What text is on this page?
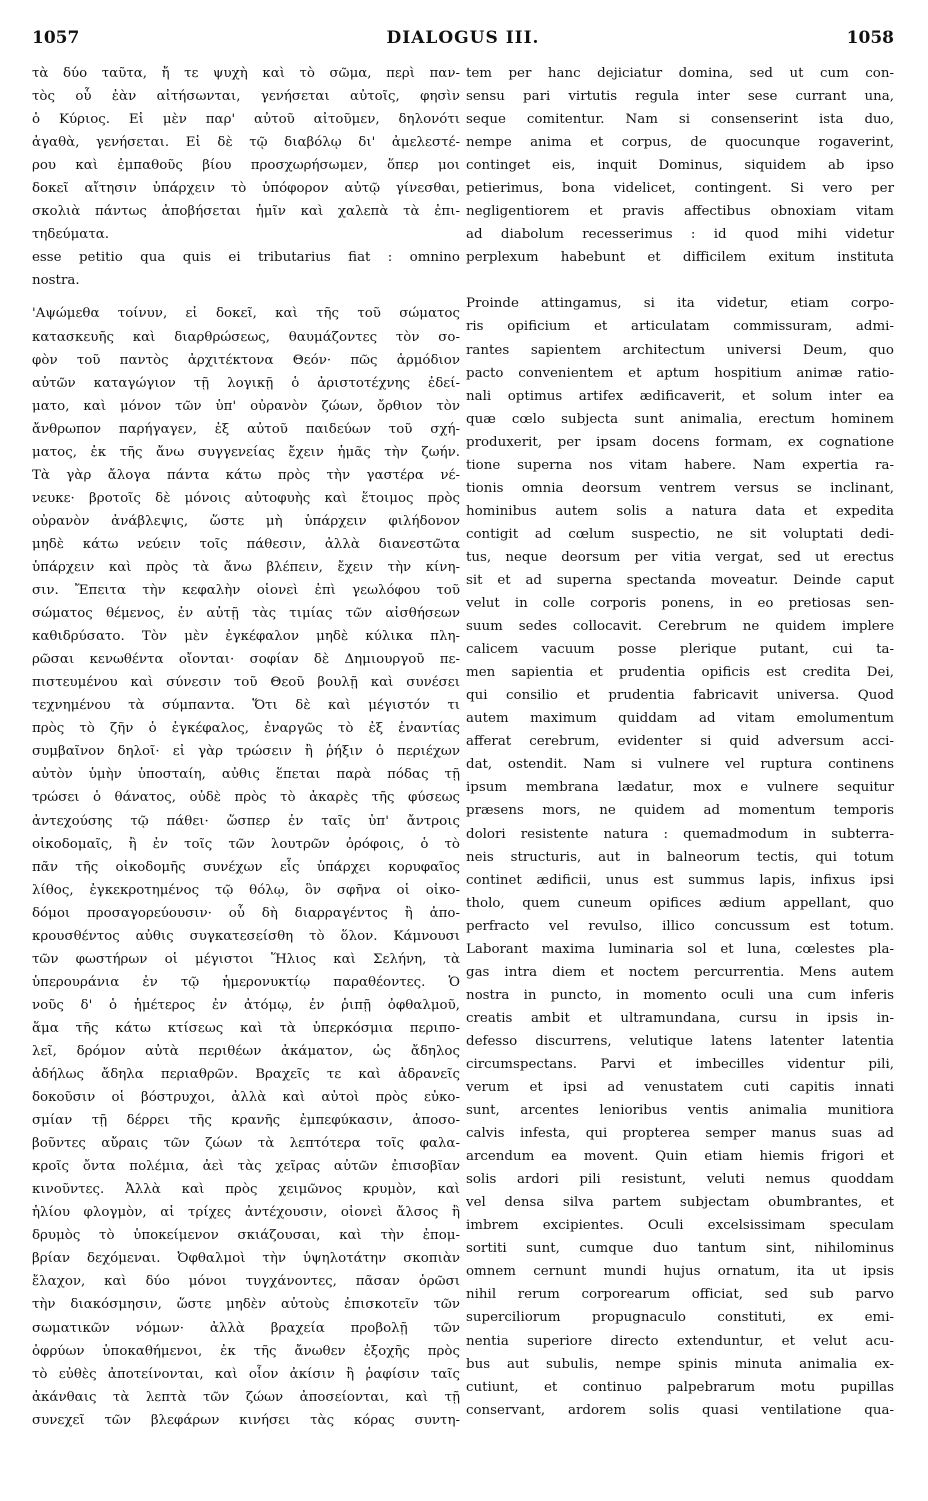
1057	DIALOGUS III.	1058

τὰ δύο ταῦτα, ἤ τε ψυχὴ καὶ τὸ σῶμα, περὶ παν-

τὸς οὗ ἐὰν αἰτήσωνται, γενήσεται αὐτοῖς, φησὶν

ὁ Κύριος. Εἰ μὲν παρ' αὐτοῦ αἰτοῦμεν, δηλονότι

ἀγαθὰ, γενήσεται. Εἰ δὲ τῷ διαβόλῳ δι' ἀμελεστέ-

ρου καὶ ἐμπαθοῦς βίου προσχωρήσωμεν, ὅπερ μοι

δοκεῖ αἴτησιν ὑπάρχειν τὸ ὑπόφορον αὐτῷ γίνεσθαι,

σκολιὰ πάντως ἀποβήσεται ἡμῖν καὶ χαλεπὰ τὰ ἐπι-

τηδεύματα.

esse petitio qua quis ei tributarius fiat : omnino

nostra.

'Αψώμεθα τοίνυν, εἰ δοκεῖ, καὶ τῆς τοῦ σώματος

κατασκευῆς καὶ διαρθρώσεως, θαυμάζοντες τὸν σο-

φὸν τοῦ παντὸς ἀρχιτέκτονα Θεόν· πῶς ἁρμόδιον

αὐτῶν καταγώγιον τῇ λογικῇ ὁ ἀριστοτέχνης ἐδεί-

ματο, καὶ μόνον τῶν ὑπ' οὐρανὸν ζώων, ὄρθιον τὸν

ἄνθρωπον παρήγαγεν, ἐξ αὐτοῦ παιδεύων τοῦ σχή-

ματος, ἐκ τῆς ἄνω συγγενείας ἔχειν ἡμᾶς τὴν ζωήν.

Τὰ γὰρ ἄλογα πάντα κάτω πρὸς τὴν γαστέρα νέ-

νευκε· βροτοῖς δὲ μόνοις αὐτοφυὴς καὶ ἕτοιμος πρὸς

οὐρανὸν ἀνάβλεψις, ὥστε μὴ ὑπάρχειν φιλήδονον

μηδὲ κάτω νεύειν τοῖς πάθεσιν, ἀλλὰ διανεστῶτα

ὑπάρχειν καὶ πρὸς τὰ ἄνω βλέπειν, ἔχειν τὴν κίνη-

σιν. Ἔπειτα τὴν κεφαλὴν οἱονεὶ ἐπὶ γεωλόφου τοῦ

σώματος θέμενος, ἐν αὐτῇ τὰς τιμίας τῶν αἰσθήσεων

καθιδρύσατο. Τὸν μὲν ἐγκέφαλον μηδὲ κύλικα πλη-

ρῶσαι κενωθέντα οἴονται· σοφίαν δὲ Δημιουργοῦ πε-

πιστευμένου καὶ σύνεσιν τοῦ Θεοῦ βουλῇ καὶ συνέσει

τεχνημένου τὰ σύμπαντα. Ὅτι δὲ καὶ μέγιστόν τι

πρὸς τὸ ζῆν ὁ ἐγκέφαλος, ἐναργῶς τὸ ἐξ ἐναντίας

συμβαῖνον δηλοῖ· εἰ γὰρ τρώσειν ἢ ῥήξιν ὁ περιέχων

αὐτὸν ὑμὴν ὑποσταίη, αὐθις ἕπεται παρὰ πόδας τῇ

τρώσει ὁ θάνατος, οὐδὲ πρὸς τὸ ἀκαρὲς τῆς φύσεως

ἀντεχούσης τῷ πάθει· ὥσπερ ἐν ταῖς ὑπ' ἄντροις

οἰκοδομαῖς, ἢ ἐν τοῖς τῶν λουτρῶν ὀρόφοις, ὁ τὸ

πᾶν τῆς οἰκοδομῆς συνέχων εἷς ὑπάρχει κορυφαῖος

λίθος, ἐγκεκροτημένος τῷ θόλῳ, ὃν σφῆνα οἱ οἰκο-

δόμοι προσαγορεύουσιν· οὗ δὴ διαρραγέντος ἢ ἀπο-

κρουσθέντος αὐθις συγκατεσείσθη τὸ ὅλον. Κάμνουσι

τῶν φωστήρων οἱ μέγιστοι Ἥλιος καὶ Σελήνη, τὰ

ὑπερουράνια ἐν τῷ ἡμερονυκτίῳ παραθέοντες. Ὁ

νοῦς δ' ὁ ἡμέτερος ἐν ἀτόμῳ, ἐν ῥιπῇ ὀφθαλμοῦ,

ἅμα τῆς κάτω κτίσεως καὶ τὰ ὑπερκόσμια περιπο-

λεῖ, δρόμον αὐτὰ περιθέων ἀκάματον, ὡς ἄδηλος

ἀδήλως ἄδηλα περιαθρῶν. Βραχεῖς τε καὶ ἀδρανεῖς

δοκοῦσιν οἱ βόστρυχοι, ἀλλὰ καὶ αὐτοὶ πρὸς εὐκο-

σμίαν τῇ δέρρει τῆς κρανῆς ἐμπεφύκασιν, ἀποσο-

βοῦντες αὔραις τῶν ζώων τὰ λεπτότερα τοῖς φαλα-

κροῖς ὄντα πολέμια, ἀεὶ τὰς χεῖρας αὐτῶν ἐπισοβῖαν

κινοῦντες. Ἀλλὰ καὶ πρὸς χειμῶνος κρυμὸν, καὶ

ἡλίου φλογμὸν, αἱ τρίχες ἀντέχουσιν, οἱονεὶ ἄλσος ἢ

δρυμὸς τὸ ὑποκείμενον σκιάζουσαι, καὶ τὴν ἐπομ-

βρίαν δεχόμεναι. Ὀφθαλμοὶ τὴν ὑψηλοτάτην σκοπιὰν

ἔλαχον, καὶ δύο μόνοι τυγχάνοντες, πᾶσαν ὁρῶσι

τὴν διακόσμησιν, ὥστε μηδὲν αὐτοὺς ἐπισκοτεῖν τῶν

σωματικῶν νόμων· ἀλλὰ βραχεία προβολῇ τῶν

ὀφρύων ὑποκαθήμενοι, ἐκ τῆς ἄνωθεν ἐξοχῆς πρὸς

τὸ εὐθὲς ἀποτείνονται, καὶ οἷον ἀκίσιν ἢ ῥαφίσιν ταῖς

ἀκάνθαις τὰ λεπτὰ τῶν ζώων ἀποσείονται, καὶ τῇ

συνεχεῖ τῶν βλεφάρων κινήσει τὰς κόρας συντη-

tem per hanc dejiciatur domina, sed ut cum con-

sensu pari virtutis regula inter sese currant una,

seque comitentur. Nam si consenserint ista duo,

nempe anima et corpus, de quocunque rogaverint,

continget eis, inquit Dominus, siquidem ab ipso

petierimus, bona videlicet, contingent. Si vero per

negligentiorem et pravis affectibus obnoxiam vitam

ad diabolum recesserimus : id quod mihi videtur

perplexum habebunt et difficilem exitum instituta

Proinde attingamus, si ita videtur, etiam corpo-

ris opificium et articulatam commissuram, admi-

rantes sapientem architectum universi Deum, quo

pacto convenientem et aptum hospitium animæ ratio-

nali optimus artifex ædificaverit, et solum inter ea

quæ cœlo subjecta sunt animalia, erectum hominem

produxerit, per ipsam docens formam, ex cognatione

tione superna nos vitam habere. Nam expertia ra-

tionis omnia deorsum ventrem versus se inclinant,

hominibus autem solis a natura data et expedita

contigit ad cœlum suspectio, ne sit voluptati dedi-

tus, neque deorsum per vitia vergat, sed ut erectus

sit et ad superna spectanda moveatur. Deinde caput

velut in colle corporis ponens, in eo pretiosas sen-

suum sedes collocavit. Cerebrum ne quidem implere

calicem vacuum posse plerique putant, cui ta-

men sapientia et prudentia opificis est credita Dei,

qui consilio et prudentia fabricavit universa. Quod

autem maximum quiddam ad vitam emolumentum

afferat cerebrum, evidenter si quid adversum acci-

dat, ostendit. Nam si vulnere vel ruptura continens

ipsum membrana lædatur, mox e vulnere sequitur

præsens mors, ne quidem ad momentum temporis

dolori resistente natura : quemadmodum in subterra-

neis structuris, aut in balneorum tectis, qui totum

continet ædificii, unus est summus lapis, infixus ipsi

tholo, quem cuneum opifices ædium appellant, quo

perfracto vel revulso, illico concussum est totum.

Laborant maxima luminaria sol et luna, cœlestes pla-

gas intra diem et noctem percurrentia. Mens autem

nostra in puncto, in momento oculi una cum inferis

creatis ambit et ultramundana, cursu in ipsis in-

defesso discurrens, velutique latens latenter latentia

circumspectans. Parvi et imbecilles videntur pili,

verum et ipsi ad venustatem cuti capitis innati

sunt, arcentes lenioribus ventis animalia munitiora

calvis infesta, qui propterea semper manus suas ad

arcendum ea movent. Quin etiam hiemis frigori et

solis ardori pili resistunt, veluti nemus quoddam

vel densa silva partem subjectam obumbrantes, et

imbrem excipientes. Oculi excelsissimam speculam

sortiti sunt, cumque duo tantum sint, nihilominus

omnem cernunt mundi hujus ornatum, ita ut ipsis

nihil rerum corporearum officiat, sed sub parvo

superciliorum propugnaculo constituti, ex emi-

nentia superiore directo extenduntur, et velut acu-

bus aut subulis, nempe spinis minuta animalia ex-

cutiunt, et continuo palpebrarum motu pupillas

conservant, ardorem solis quasi ventilatione qua-
